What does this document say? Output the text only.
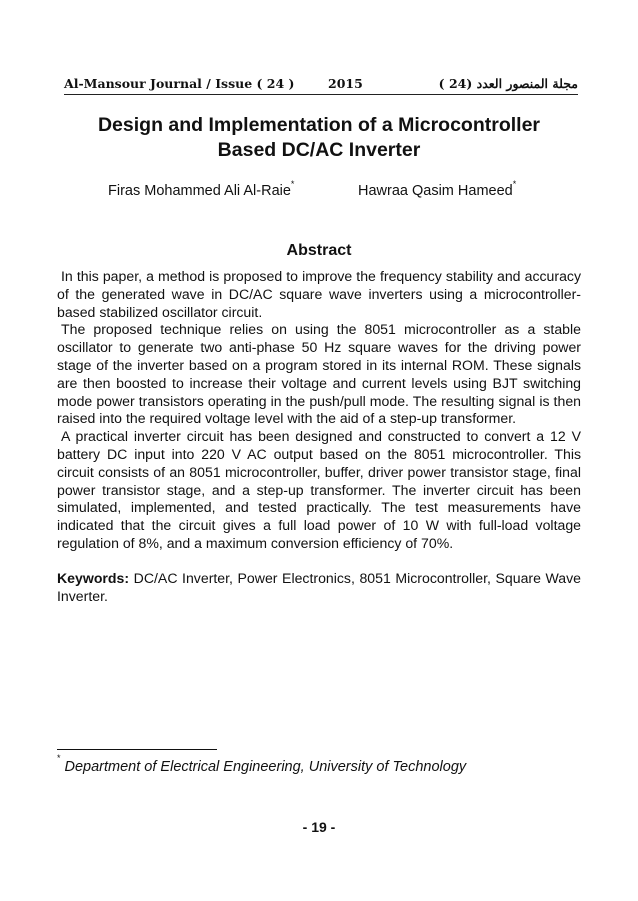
Al-Mansour Journal / Issue ( 24 )	2015	مجلة المنصور العدد (24 )
Design and Implementation of a Microcontroller
Based DC/AC Inverter
Firas Mohammed Ali Al-Raie*	Hawraa Qasim Hameed*
Abstract

In this paper, a method is proposed to improve the frequency stability and accuracy of the generated wave in DC/AC square wave inverters using a microcontroller-based stabilized oscillator circuit.

The proposed technique relies on using the 8051 microcontroller as a stable oscillator to generate two anti-phase 50 Hz square waves for the driving power stage of the inverter based on a program stored in its internal ROM. These signals are then boosted to increase their voltage and current levels using BJT switching mode power transistors operating in the push/pull mode. The resulting signal is then raised into the required voltage level with the aid of a step-up transformer.

A practical inverter circuit has been designed and constructed to convert a 12 V battery DC input into 220 V AC output based on the 8051 microcontroller. This circuit consists of an 8051 microcontroller, buffer, driver power transistor stage, final power transistor stage, and a step-up transformer. The inverter circuit has been simulated, implemented, and tested practically. The test measurements have indicated that the circuit gives a full load power of 10 W with full-load voltage regulation of 8%, and a maximum conversion efficiency of 70%.

Keywords: DC/AC Inverter, Power Electronics, 8051 Microcontroller, Square Wave Inverter.

*Department of Electrical Engineering, University of Technology
- 19 -
